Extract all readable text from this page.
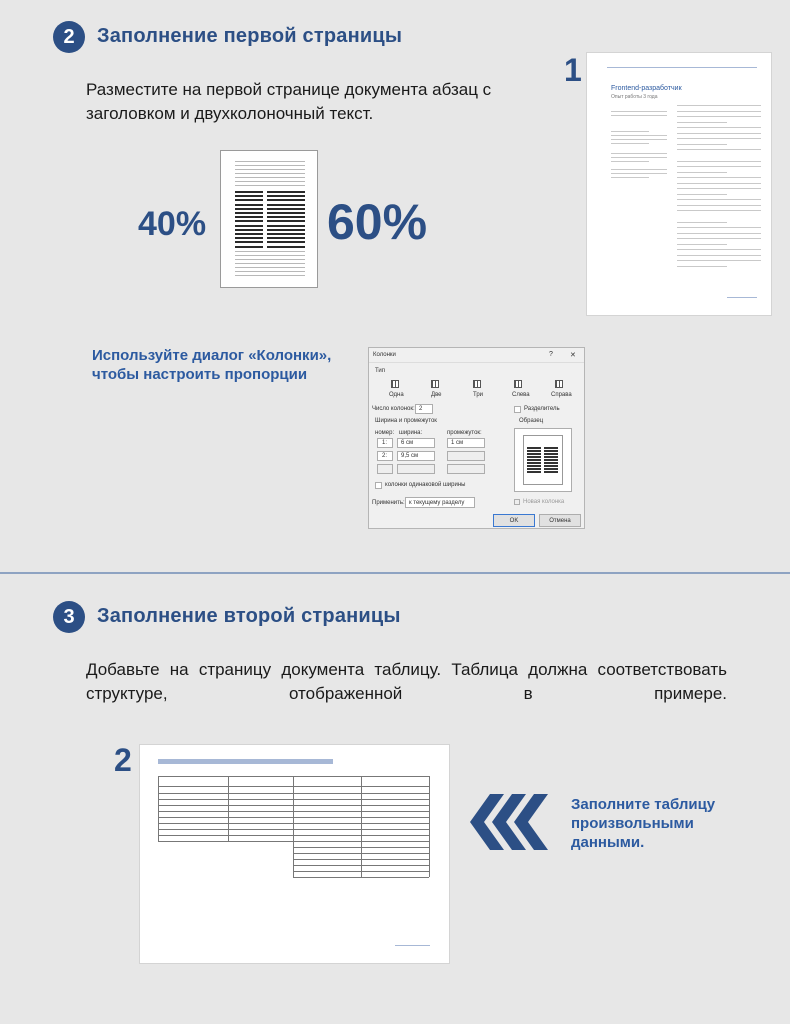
2	Заполнение первой страницы
Разместите на первой странице документа абзац с заголовком и двухколоночный текст.
40% 60%
1
Frontend-разработчик
Опыт работы 3 года
Используйте диалог «Колонки», чтобы настроить пропорции
Колонки	? ✕
Тип
Одна	Две	Три	Слева	Справа
Число колонок: 2	Разделитель
Ширина и промежуток	Образец
номер: ширина:	промежуток:
1: 6 см	1 см
2: 9,5 см
колонки одинаковой ширины
Применить: к текущему разделу	Новая колонка
OK	Отмена
3	Заполнение второй страницы
Добавьте на страницу документа таблицу. Таблица должна соответствовать структуре, отображенной в примере.
2
Заполните таблицу произвольными данными.
